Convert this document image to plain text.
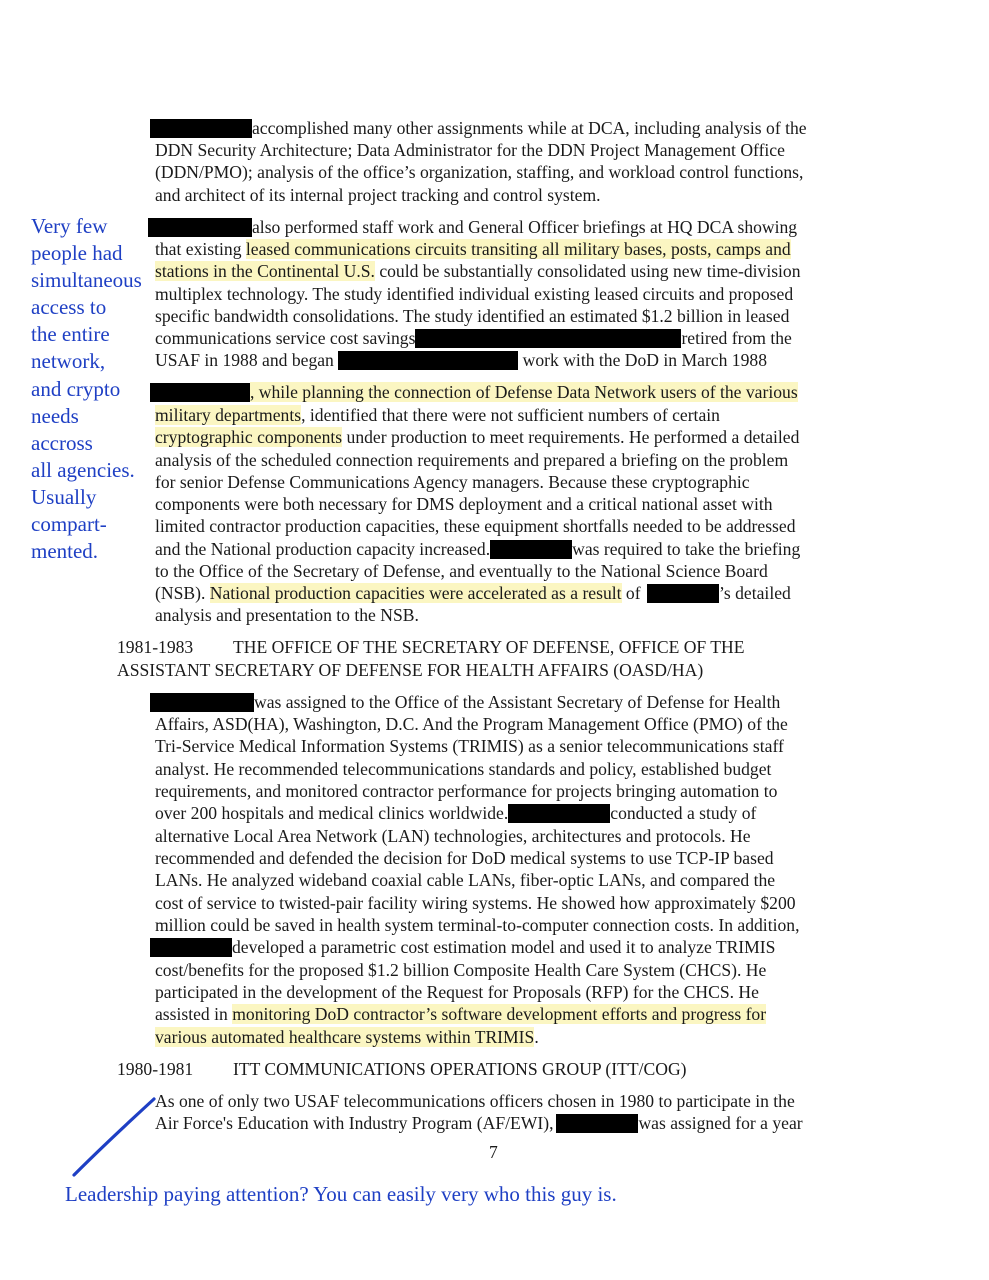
accomplished many other assignments while at DCA, including analysis of the
DDN Security Architecture; Data Administrator for the DDN Project Management Office
(DDN/PMO); analysis of the office’s organization, staffing, and workload control functions,
and architect of its internal project tracking and control system.
also performed staff work and General Officer briefings at HQ DCA showing
that existing leased communications circuits transiting all military bases, posts, camps and
stations in the Continental U.S. could be substantially consolidated using new time-division
multiplex technology. The study identified individual existing leased circuits and proposed
specific bandwidth consolidations. The study identified an estimated $1.2 billion in leased
communications service cost savings	retired from the
USAF in 1988 and began	work with the DoD in March 1988
, while planning the connection of Defense Data Network users of the various
military departments, identified that there were not sufficient numbers of certain
cryptographic components under production to meet requirements. He performed a detailed
analysis of the scheduled connection requirements and prepared a briefing on the problem
for senior Defense Communications Agency managers. Because these cryptographic
components were both necessary for DMS deployment and a critical national asset with
limited contractor production capacities, these equipment shortfalls needed to be addressed
and the National production capacity increased.	was required to take the briefing
to the Office of the Secretary of Defense, and eventually to the National Science Board
(NSB). National production capacities were accelerated as a result of	’s detailed
analysis and presentation to the NSB.
1981-1983 THE OFFICE OF THE SECRETARY OF DEFENSE, OFFICE OF THE
ASSISTANT SECRETARY OF DEFENSE FOR HEALTH AFFAIRS (OASD/HA)
was assigned to the Office of the Assistant Secretary of Defense for Health
Affairs, ASD(HA), Washington, D.C. And the Program Management Office (PMO) of the
Tri-Service Medical Information Systems (TRIMIS) as a senior telecommunications staff
analyst. He recommended telecommunications standards and policy, established budget
requirements, and monitored contractor performance for projects bringing automation to
over 200 hospitals and medical clinics worldwide.	conducted a study of
alternative Local Area Network (LAN) technologies, architectures and protocols. He
recommended and defended the decision for DoD medical systems to use TCP-IP based
LANs. He analyzed wideband coaxial cable LANs, fiber-optic LANs, and compared the
cost of service to twisted-pair facility wiring systems. He showed how approximately $200
million could be saved in health system terminal-to-computer connection costs. In addition,
developed a parametric cost estimation model and used it to analyze TRIMIS
cost/benefits for the proposed $1.2 billion Composite Health Care System (CHCS). He
participated in the development of the Request for Proposals (RFP) for the CHCS. He
assisted in monitoring DoD contractor’s software development efforts and progress for
various automated healthcare systems within TRIMIS.
1980-1981 ITT COMMUNICATIONS OPERATIONS GROUP (ITT/COG)
As one of only two USAF telecommunications officers chosen in 1980 to participate in the
Air Force's Education with Industry Program (AF/EWI),	was assigned for a year
7
Very few
people had
simultaneous
access to
the entire
network,
and crypto
needs
accross
all agencies.
Usually
compart-
mented.
Leadership paying attention? You can easily very who this guy is.
